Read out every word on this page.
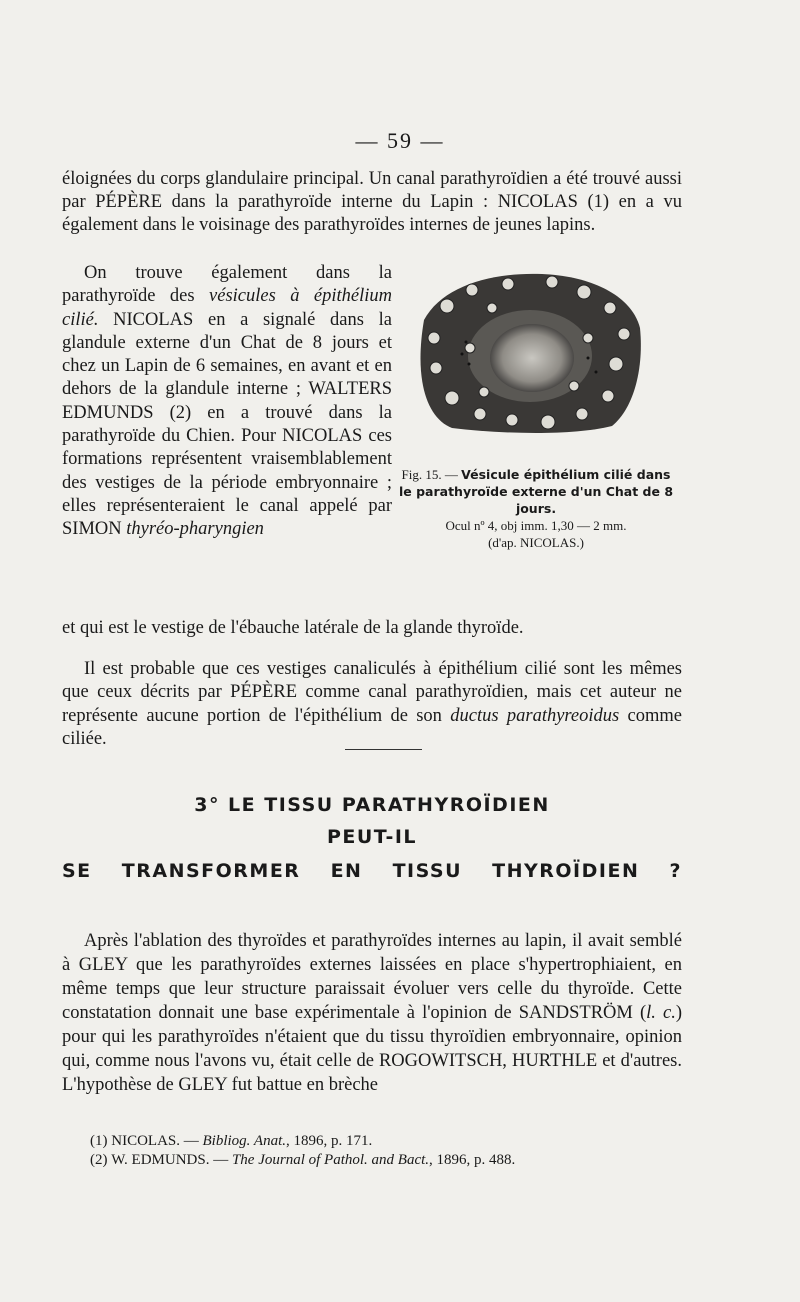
— 59 —

éloignées du corps glandulaire principal. Un canal parathyroïdien a été trouvé aussi par PÉPÈRE dans la parathyroïde interne du Lapin : NICOLAS (1) en a vu également dans le voisinage des parathyroïdes internes de jeunes lapins.

On trouve également dans la parathyroïde des vésicules à épithélium cilié. NICOLAS en a signalé dans la glandule externe d'un Chat de 8 jours et chez un Lapin de 6 semaines, en avant et en dehors de la glandule interne ; WALTERS EDMUNDS (2) en a trouvé dans la parathyroïde du Chien. Pour NICOLAS ces formations représentent vraisemblablement des vestiges de la période embryonnaire ; elles représenteraient le canal appelé par SIMON thyréo-pharyngien

et qui est le vestige de l'ébauche latérale de la glande thyroïde.

Il est probable que ces vestiges canaliculés à épithélium cilié sont les mêmes que ceux décrits par PÉPÈRE comme canal parathyroïdien, mais cet auteur ne représente aucune portion de l'épithélium de son ductus parathyreoidus comme ciliée.

Fig. 15. — Vésicule épithélium cilié dans le parathyroïde externe d'un Chat de 8 jours.
Ocul nº 4, obj imm. 1,30 — 2 mm.
(d'ap. NICOLAS.)
3° LE TISSU PARATHYROÏDIEN
PEUT-IL
SE TRANSFORMER EN TISSU THYROÏDIEN ?

Après l'ablation des thyroïdes et parathyroïdes internes au lapin, il avait semblé à GLEY que les parathyroïdes externes laissées en place s'hypertrophiaient, en même temps que leur structure paraissait évoluer vers celle du thyroïde. Cette constatation donnait une base expérimentale à l'opinion de SANDSTRÖM (l. c.) pour qui les parathyroïdes n'étaient que du tissu thyroïdien embryonnaire, opinion qui, comme nous l'avons vu, était celle de ROGOWITSCH, HURTHLE et d'autres. L'hypothèse de GLEY fut battue en brèche

(1) NICOLAS. — Bibliog. Anat., 1896, p. 171.
(2) W. EDMUNDS. — The Journal of Pathol. and Bact., 1896, p. 488.
